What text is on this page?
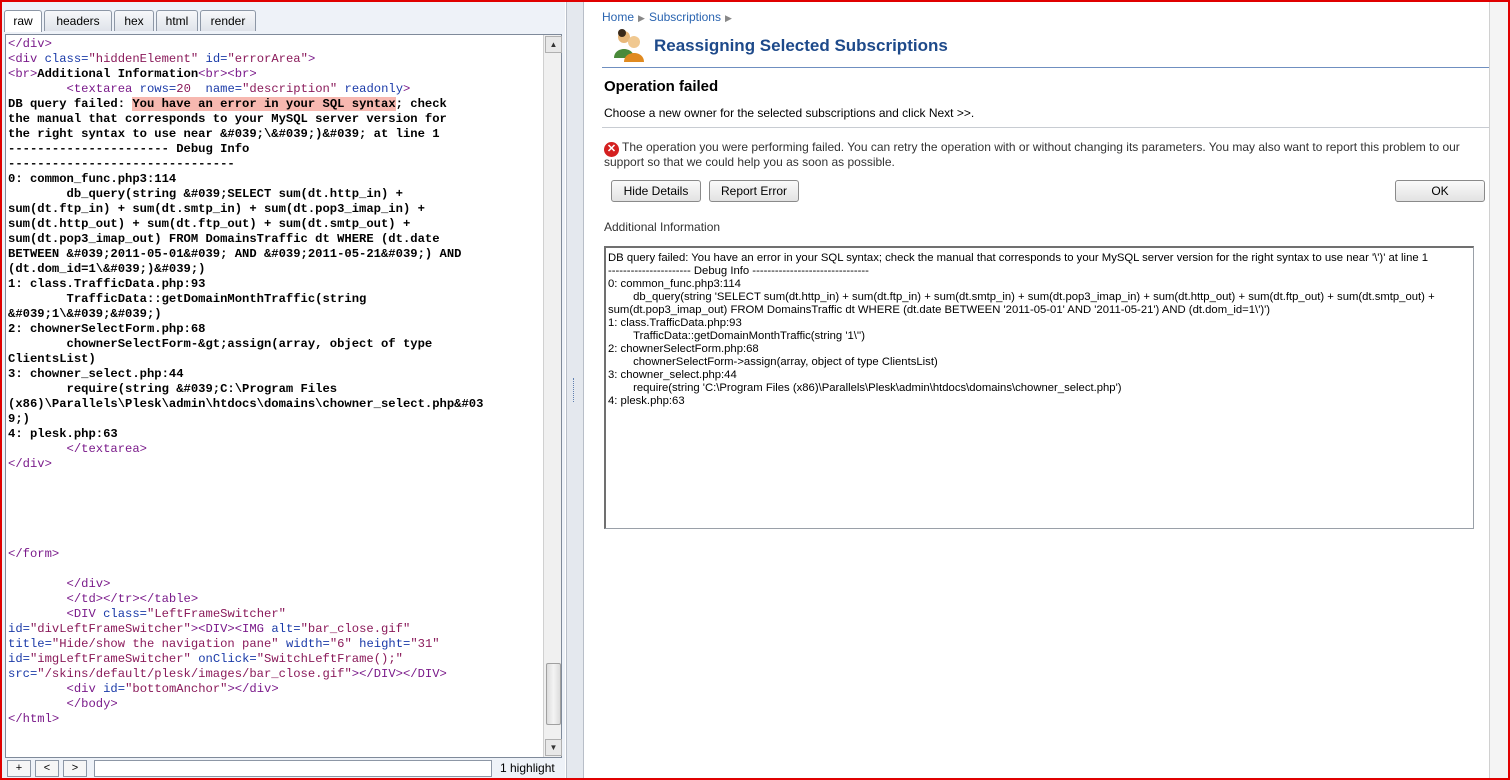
raw	headers	hex	html	render
</div>
<div class="hiddenElement" id="errorArea">
<br>Additional Information<br><br>
<textarea rows=20 name="description" readonly>
DB query failed: You have an error in your SQL syntax; check
the manual that corresponds to your MySQL server version for
the right syntax to use near &#039;\&#039;)&#039; at line 1
---------------------- Debug Info
-------------------------------
0: common_func.php3:114
db_query(string &#039;SELECT sum(dt.http_in) +
sum(dt.ftp_in) + sum(dt.smtp_in) + sum(dt.pop3_imap_in) +
sum(dt.http_out) + sum(dt.ftp_out) + sum(dt.smtp_out) +
sum(dt.pop3_imap_out) FROM DomainsTraffic dt WHERE (dt.date
BETWEEN &#039;2011-05-01&#039; AND &#039;2011-05-21&#039;) AND
(dt.dom_id=1\&#039;)&#039;)
1: class.TrafficData.php:93
TrafficData::getDomainMonthTraffic(string
&#039;1\&#039;&#039;)
2: chownerSelectForm.php:68
chownerSelectForm-&gt;assign(array, object of type
ClientsList)
3: chowner_select.php:44
require(string &#039;C:\Program Files
(x86)\Parallels\Plesk\admin\htdocs\domains\chowner_select.php&#03
9;)
4: plesk.php:63
</textarea>
</div>

</form>

</div>
</td></tr></table>
<DIV class="LeftFrameSwitcher"
id="divLeftFrameSwitcher"><DIV><IMG alt="bar_close.gif"
title="Hide/show the navigation pane" width="6" height="31"
id="imgLeftFrameSwitcher" onClick="SwitchLeftFrame();"
src="/skins/default/plesk/images/bar_close.gif"></DIV></DIV>
<div id="bottomAnchor"></div>
</body>
</html>
▲
▼
+	<	>	1 highlight
Home ▶ Subscriptions ▶
Reassigning Selected Subscriptions
Operation failed
Choose a new owner for the selected subscriptions and click Next >>.
✕ The operation you were performing failed. You can retry the operation with or without changing its parameters. You may also want to report this problem to our support so that we could help you as soon as possible.
Hide Details	Report Error	OK
Additional Information
DB query failed: You have an error in your SQL syntax; check the manual that corresponds to your MySQL server version for the right syntax to use near '\')' at line 1
---------------------- Debug Info -------------------------------
0: common_func.php3:114
db_query(string 'SELECT sum(dt.http_in) + sum(dt.ftp_in) + sum(dt.smtp_in) + sum(dt.pop3_imap_in) + sum(dt.http_out) + sum(dt.ftp_out) + sum(dt.smtp_out) +
sum(dt.pop3_imap_out) FROM DomainsTraffic dt WHERE (dt.date BETWEEN '2011-05-01' AND '2011-05-21') AND (dt.dom_id=1\')')
1: class.TrafficData.php:93
TrafficData::getDomainMonthTraffic(string '1\'')
2: chownerSelectForm.php:68
chownerSelectForm->assign(array, object of type ClientsList)
3: chowner_select.php:44
require(string 'C:\Program Files (x86)\Parallels\Plesk\admin\htdocs\domains\chowner_select.php')
4: plesk.php:63
